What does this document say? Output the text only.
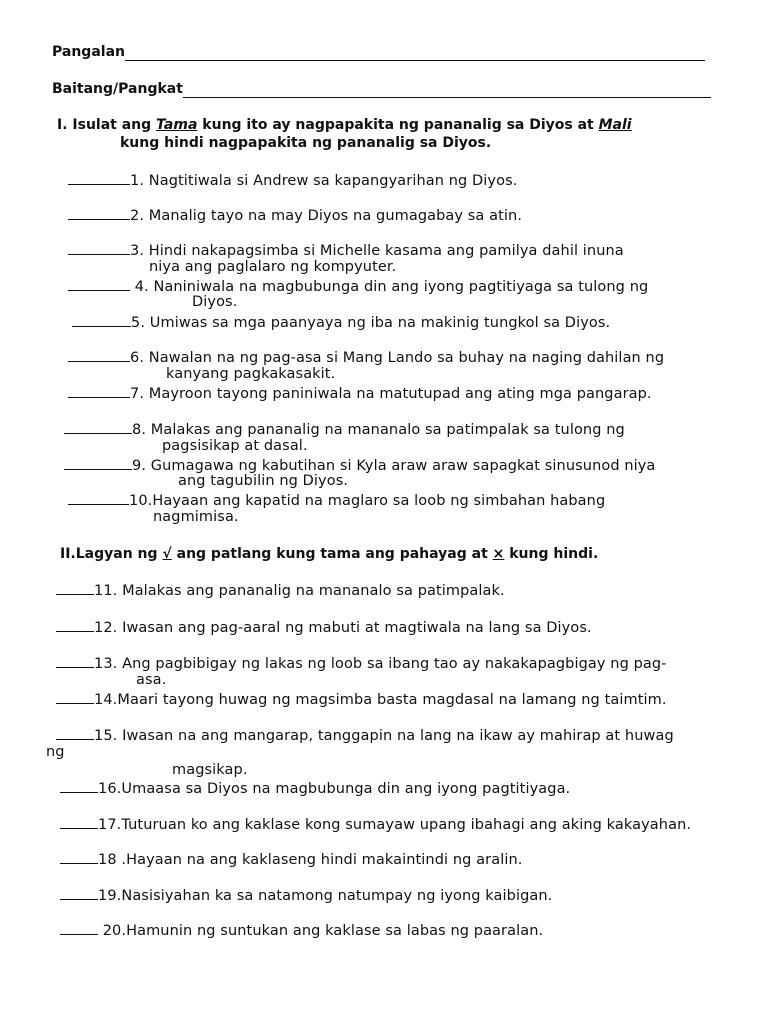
Pangalan
Baitang/Pangkat
I. Isulat ang Tama kung ito ay nagpapakita ng pananalig sa Diyos at Mali
kung hindi nagpapakita ng pananalig sa Diyos.
1. Nagtitiwala si Andrew sa kapangyarihan ng Diyos.
2. Manalig tayo na may Diyos na gumagabay sa atin.
3. Hindi nakapagsimba si Michelle kasama ang pamilya dahil inuna
niya ang paglalaro ng kompyuter.
4. Naniniwala na magbubunga din ang iyong pagtitiyaga sa tulong ng
Diyos.
5. Umiwas sa mga paanyaya ng iba na makinig tungkol sa Diyos.
6. Nawalan na ng pag-asa si Mang Lando sa buhay na naging dahilan ng
kanyang pagkakasakit.
7. Mayroon tayong paniniwala na matutupad ang ating mga pangarap.
8. Malakas ang pananalig na mananalo sa patimpalak sa tulong ng
pagsisikap at dasal.
9. Gumagawa ng kabutihan si Kyla araw araw sapagkat sinusunod niya
ang tagubilin ng Diyos.
10.Hayaan ang kapatid na maglaro sa loob ng simbahan habang
nagmimisa.
II.Lagyan ng √ ang patlang kung tama ang pahayag at × kung hindi.
11. Malakas ang pananalig na mananalo sa patimpalak.
12. Iwasan ang pag-aaral ng mabuti at magtiwala na lang sa Diyos.
13. Ang pagbibigay ng lakas ng loob sa ibang tao ay nakakapagbigay ng pag-
asa.
14.Maari tayong huwag ng magsimba basta magdasal na lamang ng taimtim.
15. Iwasan na ang mangarap, tanggapin na lang na ikaw ay mahirap at huwag
ng
magsikap.
16.Umaasa sa Diyos na magbubunga din ang iyong pagtitiyaga.
17.Tuturuan ko ang kaklase kong sumayaw upang ibahagi ang aking kakayahan.
18 .Hayaan na ang kaklaseng hindi makaintindi ng aralin.
19.Nasisiyahan ka sa natamong natumpay ng iyong kaibigan.
20.Hamunin ng suntukan ang kaklase sa labas ng paaralan.
